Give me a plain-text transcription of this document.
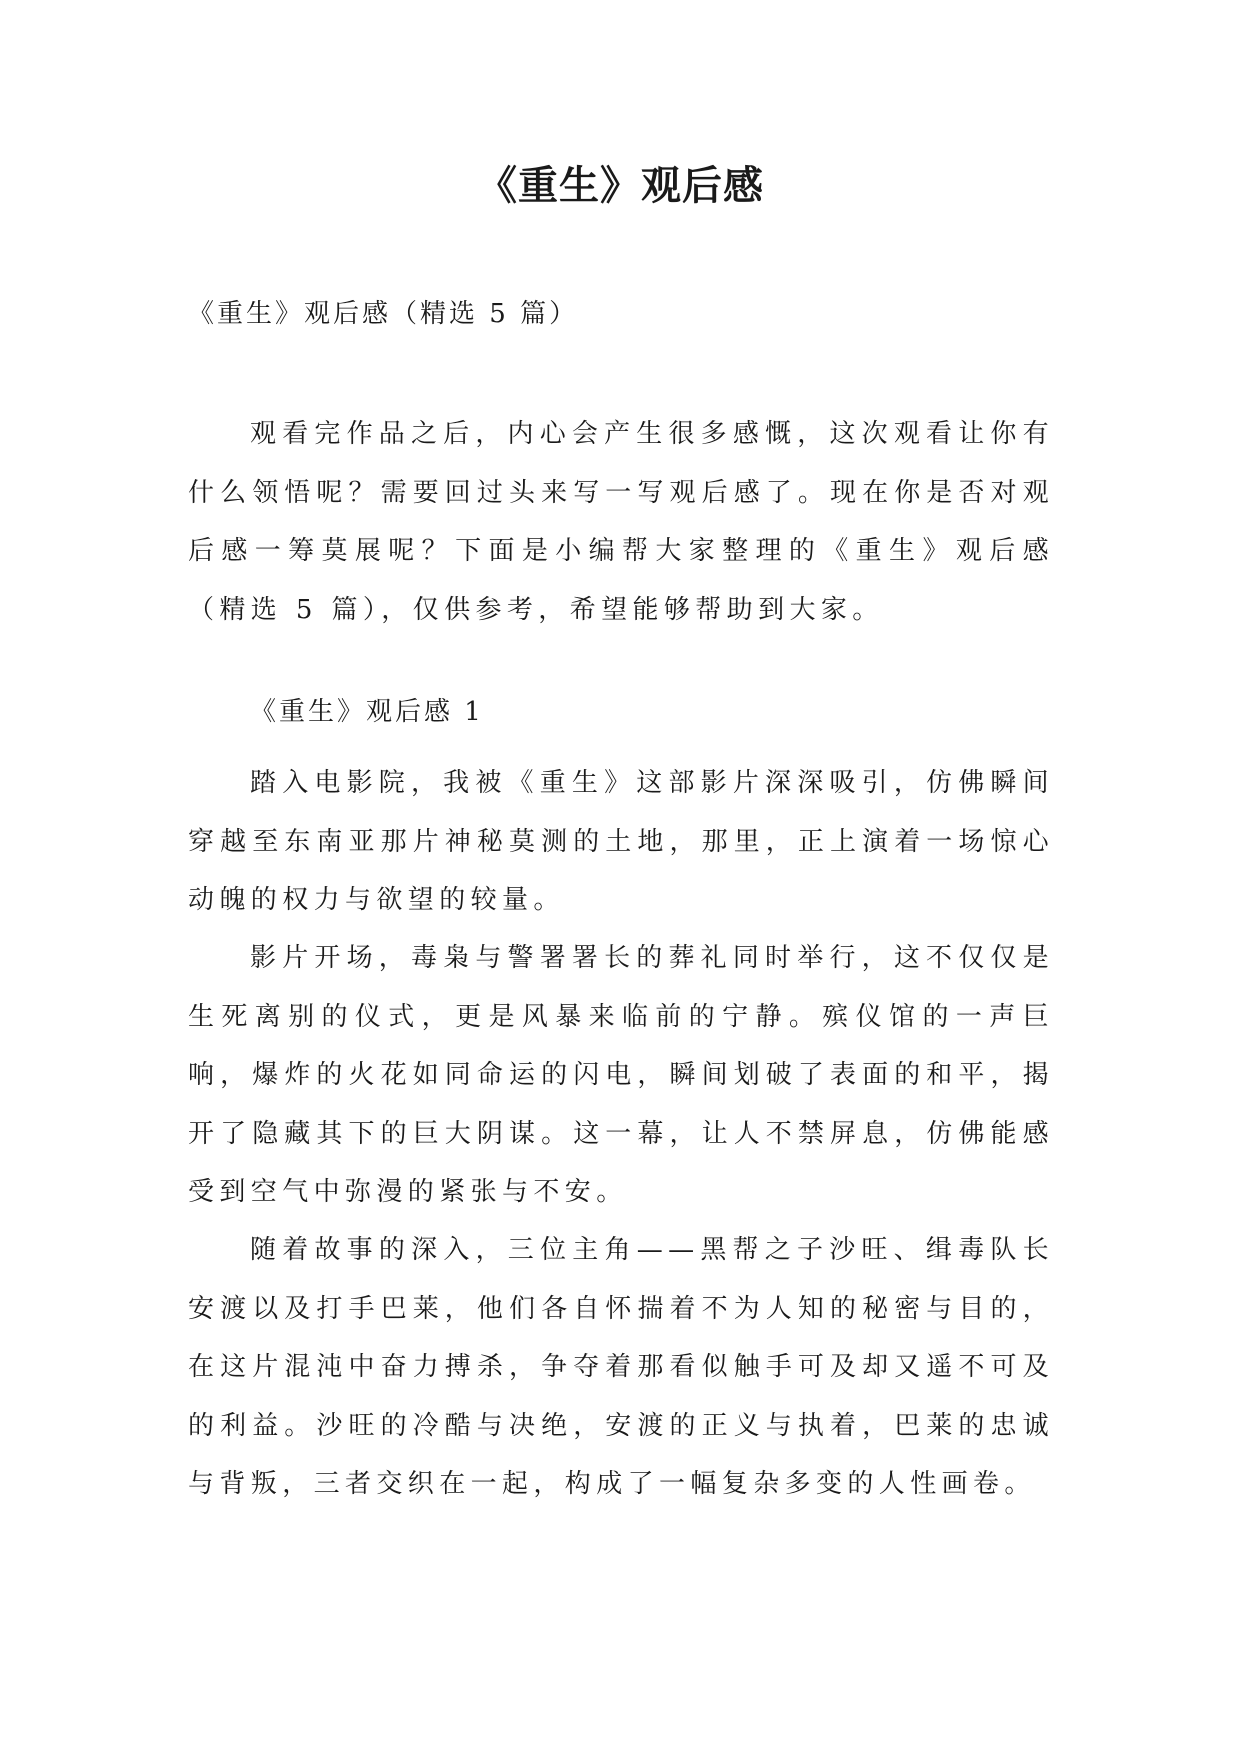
《重生》观后感

《重生》观后感（精选 5 篇）

观看完作品之后，内心会产生很多感慨，这次观看让你有什么领悟呢？需要回过头来写一写观后感了。现在你是否对观后感一筹莫展呢？下面是小编帮大家整理的《重生》观后感（精选 5 篇），仅供参考，希望能够帮助到大家。

《重生》观后感 1

踏入电影院，我被《重生》这部影片深深吸引，仿佛瞬间穿越至东南亚那片神秘莫测的土地，那里，正上演着一场惊心动魄的权力与欲望的较量。

影片开场，毒枭与警署署长的葬礼同时举行，这不仅仅是生死离别的仪式，更是风暴来临前的宁静。殡仪馆的一声巨响，爆炸的火花如同命运的闪电，瞬间划破了表面的和平，揭开了隐藏其下的巨大阴谋。这一幕，让人不禁屏息，仿佛能感受到空气中弥漫的紧张与不安。

随着故事的深入，三位主角——黑帮之子沙旺、缉毒队长安渡以及打手巴莱，他们各自怀揣着不为人知的秘密与目的，在这片混沌中奋力搏杀，争夺着那看似触手可及却又遥不可及的利益。沙旺的冷酷与决绝，安渡的正义与执着，巴莱的忠诚与背叛，三者交织在一起，构成了一幅复杂多变的人性画卷。
